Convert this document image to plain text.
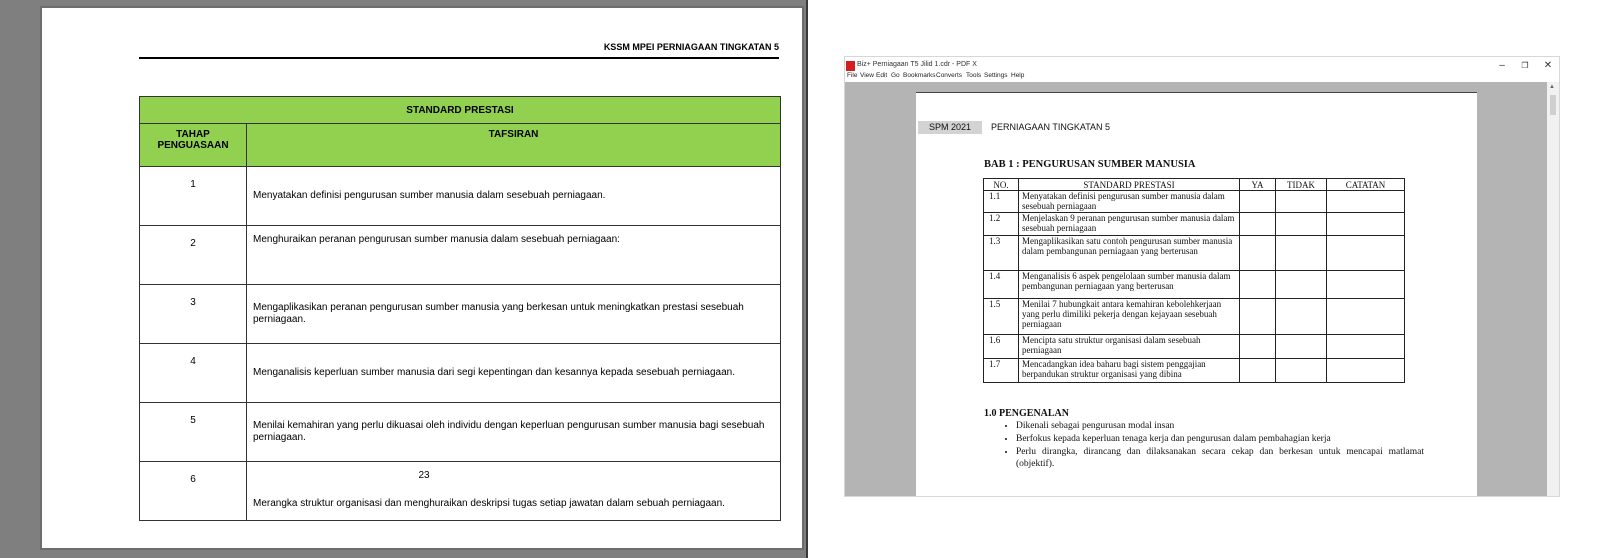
KSSM MPEI PERNIAGAAN TINGKATAN 5
STANDARD PRESTASI	
TAHAP PENGUASAAN	TAFSIRAN
1	Menyatakan definisi pengurusan sumber manusia dalam sesebuah perniagaan.
2	Menghuraikan peranan pengurusan sumber manusia dalam sesebuah perniagaan:
3	Mengaplikasikan peranan pengurusan sumber manusia yang berkesan untuk meningkatkan prestasi sesebuah perniagaan.
4	Menganalisis keperluan sumber manusia dari segi kepentingan dan kesannya kepada sesebuah perniagaan.
5	Menilai kemahiran yang perlu dikuasai oleh individu dengan keperluan pengurusan sumber manusia bagi sesebuah perniagaan.
6	Merangka struktur organisasi dan menghuraikan deskripsi tugas setiap jawatan dalam sebuah perniagaan.
23
Biz+ Perniagaan T5 Jilid 1.cdr - PDF X	–	❐	✕
File View Edit Go Bookmarks Converts Tools Settings Help
SPM 2021	PERNIAGAAN TINGKATAN 5
BAB 1 : PENGURUSAN SUMBER MANUSIA
NO.	STANDARD PRESTASI	YA	TIDAK	CATATAN
1.1	Menyatakan definisi pengurusan sumber manusia dalam sesebuah perniagaan			
1.2	Menjelaskan 9 peranan pengurusan sumber manusia dalam sesebuah perniagaan			
1.3	Mengaplikasikan satu contoh pengurusan sumber manusia dalam pembangunan perniagaan yang berterusan			
1.4	Menganalisis 6 aspek pengelolaan sumber manusia dalam pembangunan perniagaan yang berterusan			
1.5	Menilai 7 hubungkait antara kemahiran kebolehkerjaan yang perlu dimiliki pekerja dengan kejayaan sesebuah perniagaan			
1.6	Mencipta satu struktur organisasi dalam sesebuah perniagaan			
1.7	Mencadangkan idea baharu bagi sistem penggajian berpandukan struktur organisasi yang dibina			
1.0 PENGENALAN
• Dikenali sebagai pengurusan modal insan
• Berfokus kepada keperluan tenaga kerja dan pengurusan dalam pembahagian kerja
• Perlu dirangka, dirancang dan dilaksanakan secara cekap dan berkesan untuk mencapai matlamat (objektif).
▲
